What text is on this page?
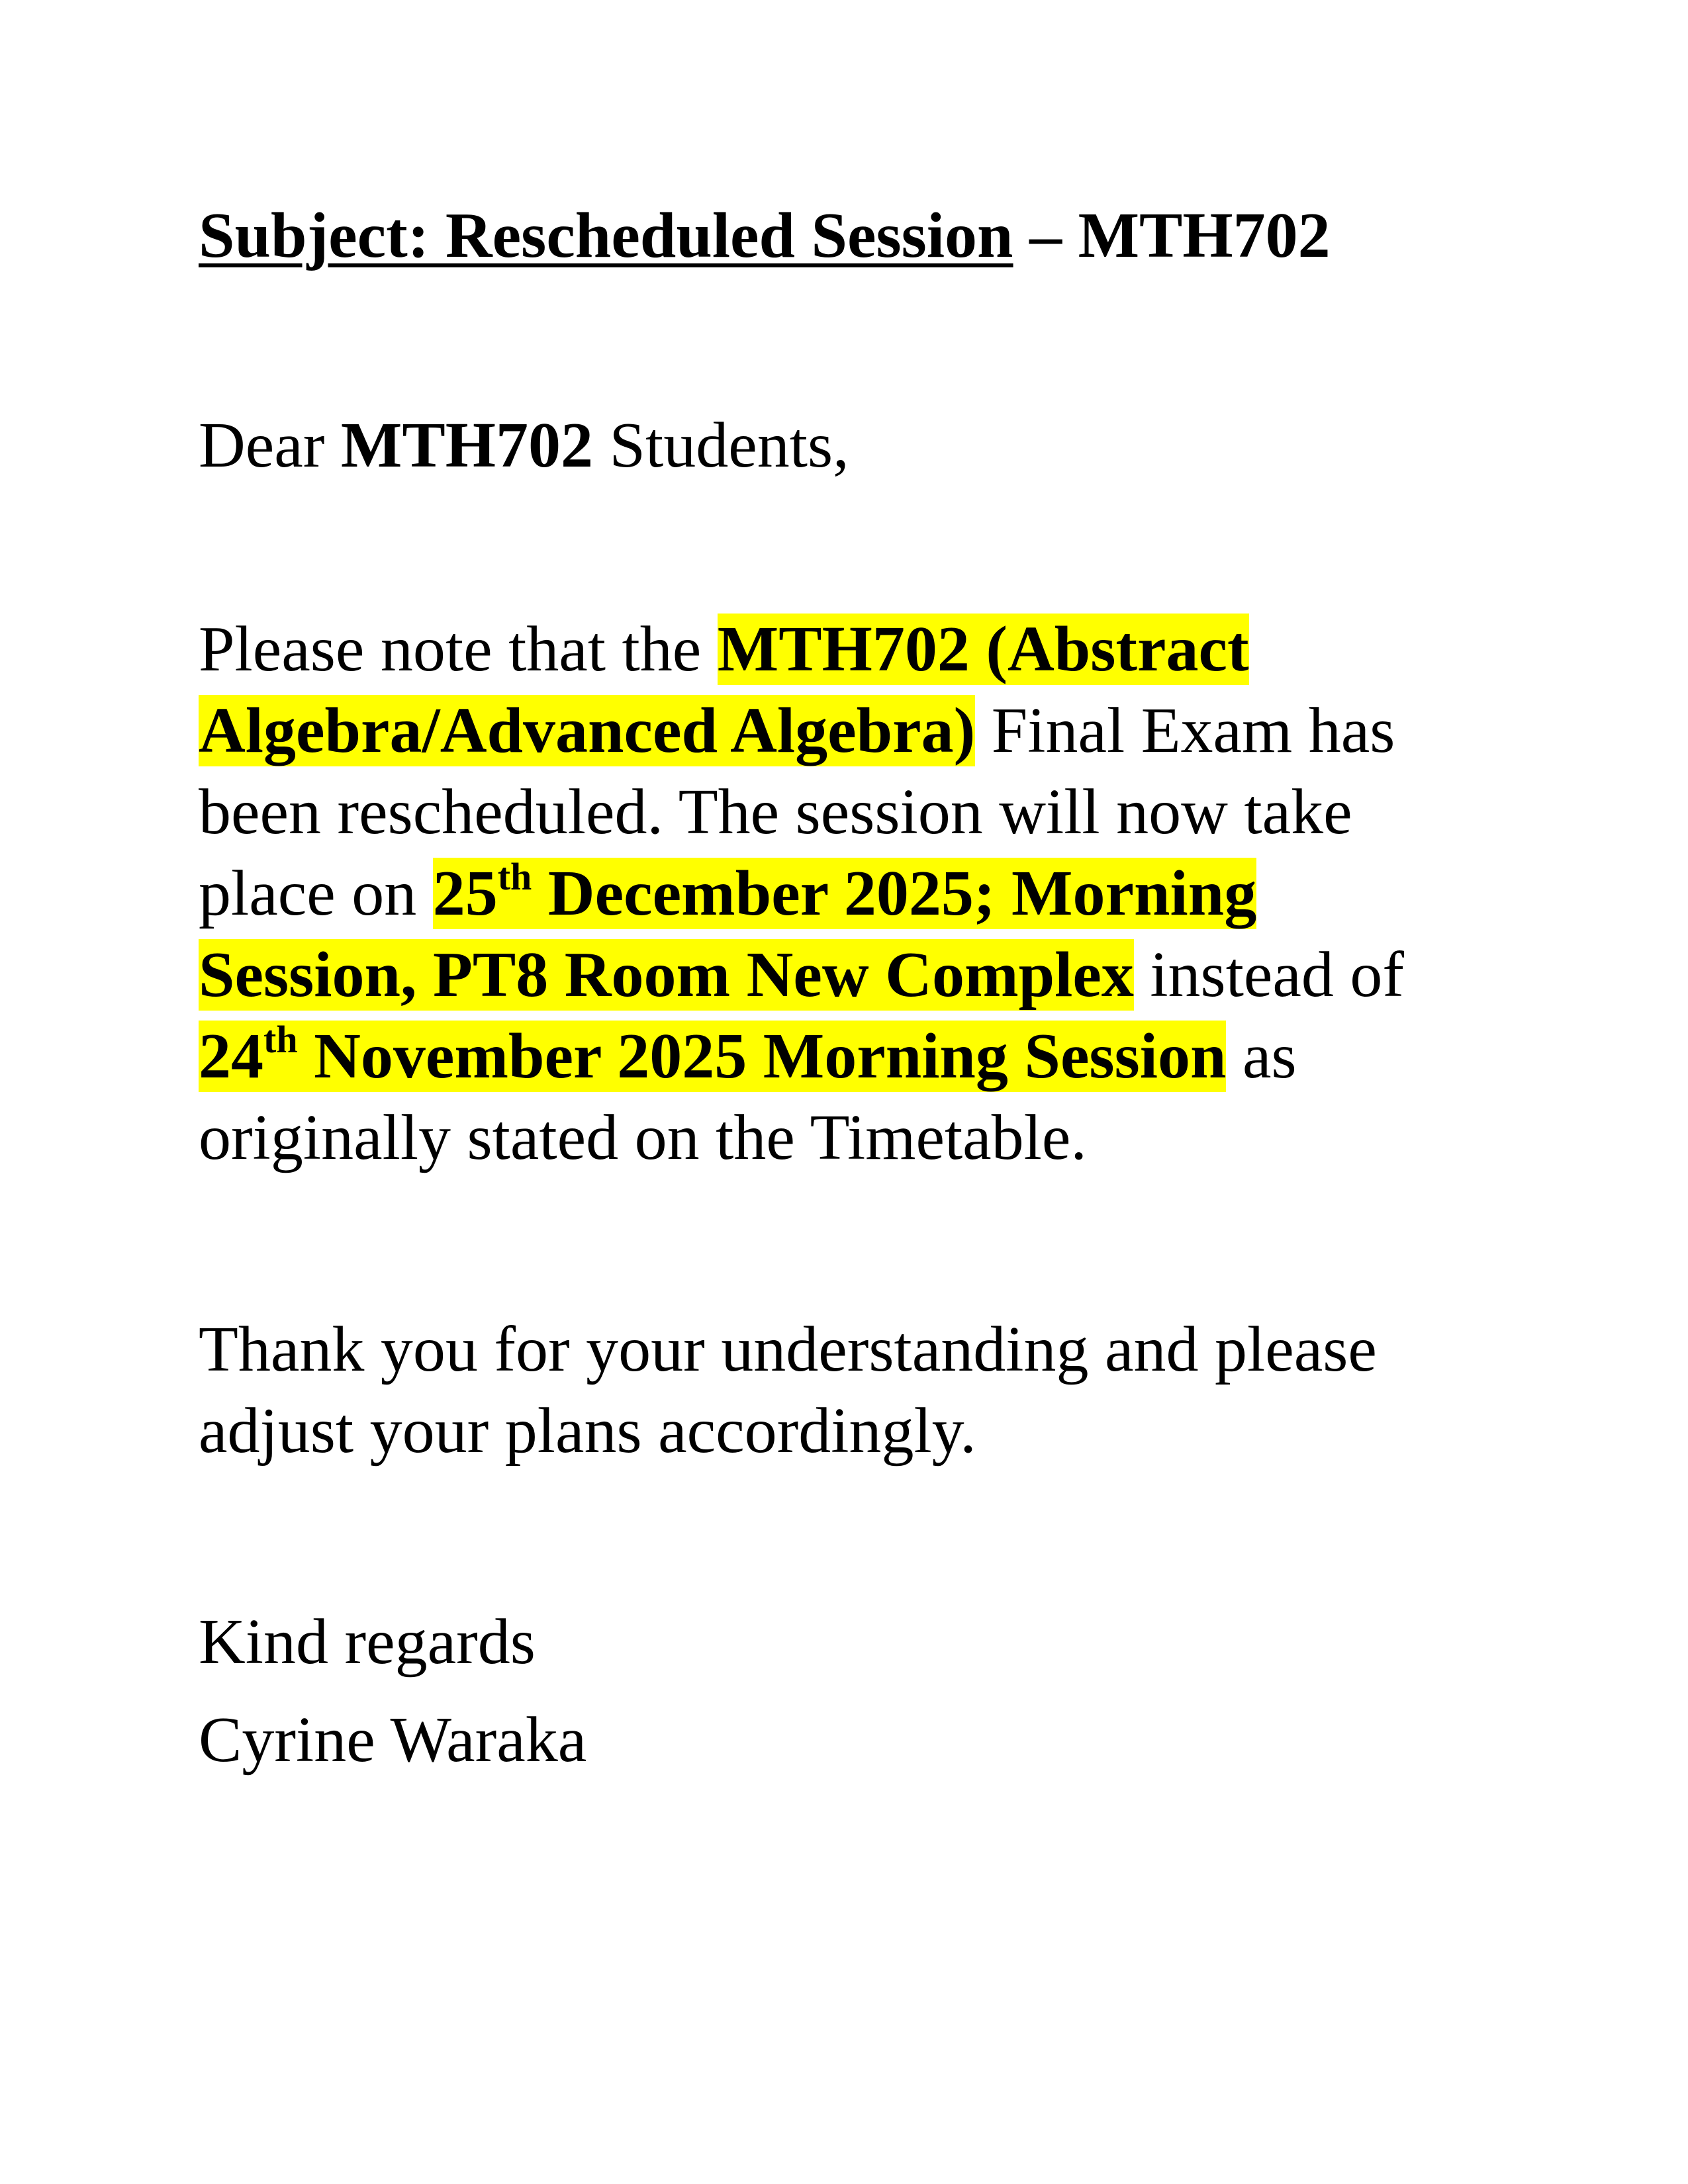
Subject: Rescheduled Session – MTH702
Dear MTH702 Students,
Please note that the MTH702 (Abstract
Algebra/Advanced Algebra) Final Exam has
been rescheduled. The session will now take
place on 25th December 2025; Morning
Session, PT8 Room New Complex instead of
24th November 2025 Morning Session as
originally stated on the Timetable.
Thank you for your understanding and please
adjust your plans accordingly.
Kind regards
Cyrine Waraka
